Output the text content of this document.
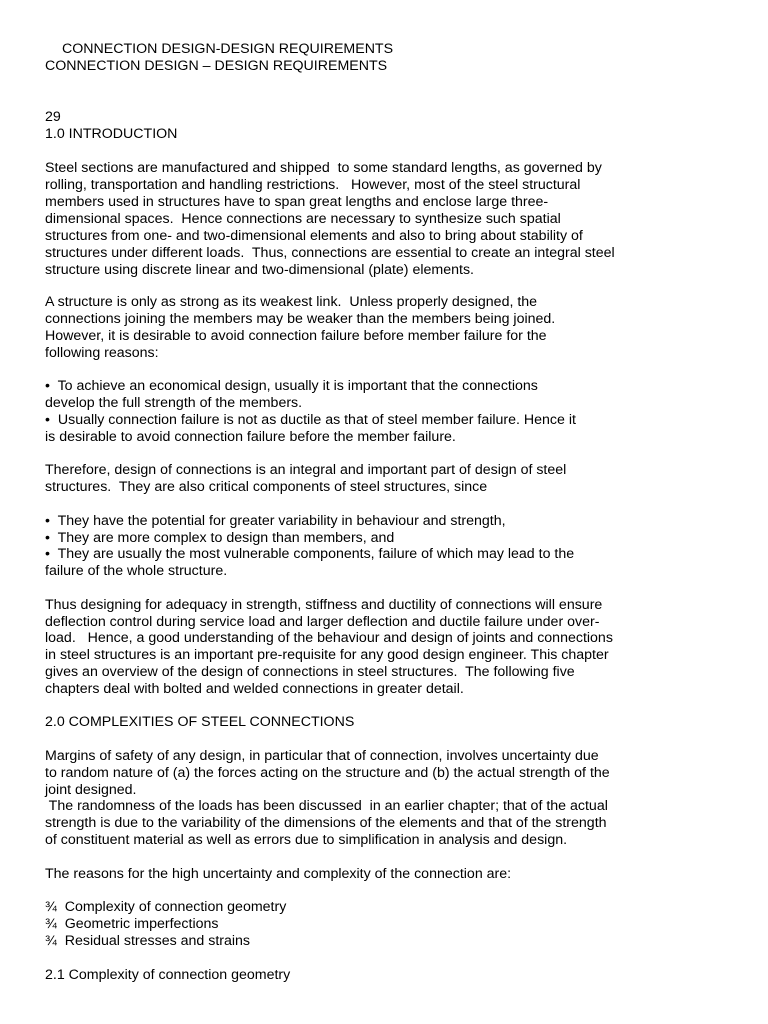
CONNECTION DESIGN-DESIGN REQUIREMENTS

CONNECTION DESIGN – DESIGN REQUIREMENTS

29

1.0 INTRODUCTION

Steel sections are manufactured and shipped  to some standard lengths, as governed by

rolling, transportation and handling restrictions.   However, most of the steel structural

members used in structures have to span great lengths and enclose large three-

dimensional spaces.  Hence connections are necessary to synthesize such spatial

structures from one- and two-dimensional elements and also to bring about stability of

structures under different loads.  Thus, connections are essential to create an integral steel

structure using discrete linear and two-dimensional (plate) elements.

A structure is only as strong as its weakest link.  Unless properly designed, the

connections joining the members may be weaker than the members being joined.

However, it is desirable to avoid connection failure before member failure for the

following reasons:

•  To achieve an economical design, usually it is important that the connections

develop the full strength of the members.

•  Usually connection failure is not as ductile as that of steel member failure. Hence it

is desirable to avoid connection failure before the member failure.

Therefore, design of connections is an integral and important part of design of steel

structures.  They are also critical components of steel structures, since

•  They have the potential for greater variability in behaviour and strength,

•  They are more complex to design than members, and

•  They are usually the most vulnerable components, failure of which may lead to the

failure of the whole structure.

Thus designing for adequacy in strength, stiffness and ductility of connections will ensure

deflection control during service load and larger deflection and ductile failure under over-

load.   Hence, a good understanding of the behaviour and design of joints and connections

in steel structures is an important pre-requisite for any good design engineer. This chapter

gives an overview of the design of connections in steel structures.  The following five

chapters deal with bolted and welded connections in greater detail.

2.0 COMPLEXITIES OF STEEL CONNECTIONS

Margins of safety of any design, in particular that of connection, involves uncertainty due

to random nature of (a) the forces acting on the structure and (b) the actual strength of the

joint designed.

The randomness of the loads has been discussed  in an earlier chapter; that of the actual

strength is due to the variability of the dimensions of the elements and that of the strength

of constituent material as well as errors due to simplification in analysis and design.

The reasons for the high uncertainty and complexity of the connection are:

¾  Complexity of connection geometry

¾  Geometric imperfections

¾  Residual stresses and strains

2.1 Complexity of connection geometry
